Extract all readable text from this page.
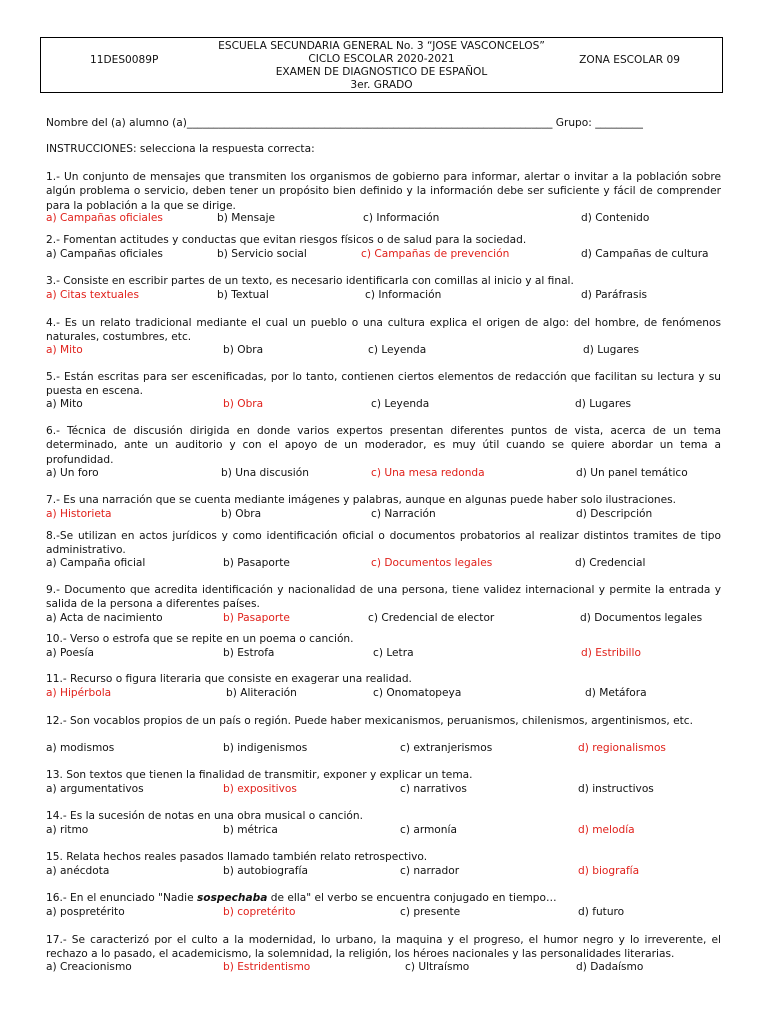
ESCUELA SECUNDARIA GENERAL No. 3 “JOSE VASCONCELOS”
11DES0089P	CICLO ESCOLAR 2020-2021	ZONA ESCOLAR 09
EXAMEN DE DIAGNOSTICO DE ESPAÑOL
3er. GRADO
Nombre del (a) alumno (a)_____________________________________________________________________ Grupo: _________
INSTRUCCIONES: selecciona la respuesta correcta:
1.- Un conjunto de mensajes que transmiten los organismos de gobierno para informar, alertar o invitar a la población sobre algún problema o servicio, deben tener un propósito bien definido y la información debe ser suficiente y fácil de comprender para la población a la que se dirige.
a) Campañas oficiales	b) Mensaje	c) Información	d) Contenido
2.- Fomentan actitudes y conductas que evitan riesgos físicos o de salud para la sociedad.
a) Campañas oficiales	b) Servicio social	c) Campañas de prevención	d) Campañas de cultura
3.- Consiste en escribir partes de un texto, es necesario identificarla con comillas al inicio y al final.
a) Citas textuales	b) Textual	c) Información	d) Paráfrasis
4.- Es un relato tradicional mediante el cual un pueblo o una cultura explica el origen de algo: del hombre, de fenómenos naturales, costumbres, etc.
a) Mito	b) Obra	c) Leyenda	d) Lugares
5.- Están escritas para ser escenificadas, por lo tanto, contienen ciertos elementos de redacción que facilitan su lectura y su puesta en escena.
a) Mito	b) Obra	c) Leyenda	d) Lugares
6.- Técnica de discusión dirigida en donde varios expertos presentan diferentes puntos de vista, acerca de un tema determinado, ante un auditorio y con el apoyo de un moderador, es muy útil cuando se quiere abordar un tema a profundidad.
a) Un foro	b) Una discusión	c) Una mesa redonda	d) Un panel temático
7.- Es una narración que se cuenta mediante imágenes y palabras, aunque en algunas puede haber solo ilustraciones.
a) Historieta	b) Obra	c) Narración	d) Descripción
8.-Se utilizan en actos jurídicos y como identificación oficial o documentos probatorios al realizar distintos tramites de tipo administrativo.
a) Campaña oficial	b) Pasaporte	c) Documentos legales	d) Credencial
9.- Documento que acredita identificación y nacionalidad de una persona, tiene validez internacional y permite la entrada y salida de la persona a diferentes países.
a) Acta de nacimiento	b) Pasaporte	c) Credencial de elector	d) Documentos legales
10.- Verso o estrofa que se repite en un poema o canción.
a) Poesía	b) Estrofa	c) Letra	d) Estribillo
11.- Recurso o figura literaria que consiste en exagerar una realidad.
a) Hipérbola	b) Aliteración	c) Onomatopeya	d) Metáfora
12.- Son vocablos propios de un país o región. Puede haber mexicanismos, peruanismos, chilenismos, argentinismos, etc.
a) modismos	b) indigenismos	c) extranjerismos	d) regionalismos
13. Son textos que tienen la finalidad de transmitir, exponer y explicar un tema.
a) argumentativos	b) expositivos	c) narrativos	d) instructivos
14.- Es la sucesión de notas en una obra musical o canción.
a) ritmo	b) métrica	c) armonía	d) melodía
15. Relata hechos reales pasados llamado también relato retrospectivo.
a) anécdota	b) autobiografía	c) narrador	d) biografía
16.- En el enunciado "Nadie sospechaba de ella" el verbo se encuentra conjugado en tiempo…
a) pospretérito	b) copretérito	c) presente	d) futuro
17.- Se caracterizó por el culto a la modernidad, lo urbano, la maquina y el progreso, el humor negro y lo irreverente, el rechazo a lo pasado, el academicismo, la solemnidad, la religión, los héroes nacionales y las personalidades literarias.
a) Creacionismo	b) Estridentismo	c) Ultraísmo	d) Dadaísmo
